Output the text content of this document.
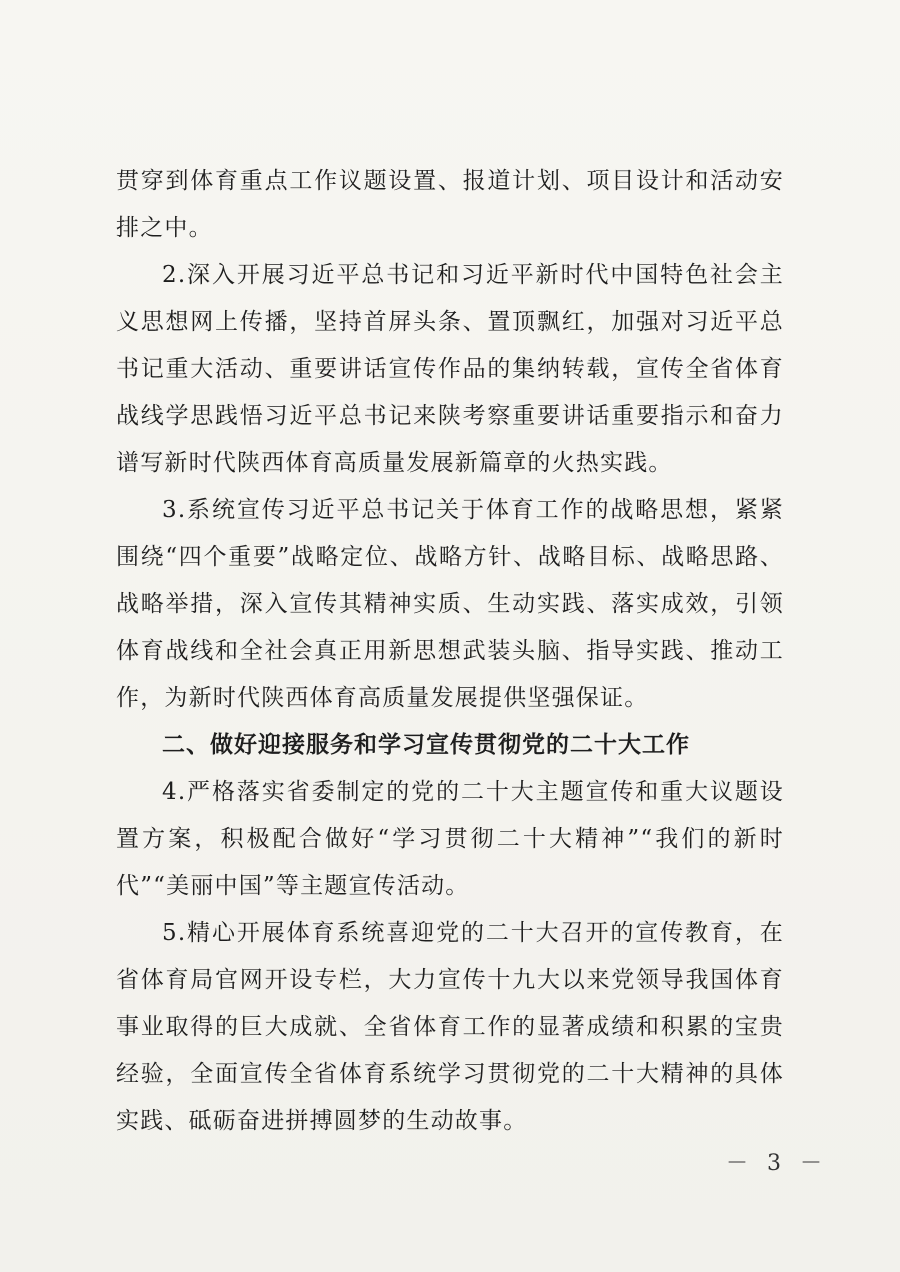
贯穿到体育重点工作议题设置、报道计划、项目设计和活动安排之中。

2.深入开展习近平总书记和习近平新时代中国特色社会主义思想网上传播，坚持首屏头条、置顶飘红，加强对习近平总书记重大活动、重要讲话宣传作品的集纳转载，宣传全省体育战线学思践悟习近平总书记来陕考察重要讲话重要指示和奋力谱写新时代陕西体育高质量发展新篇章的火热实践。

3.系统宣传习近平总书记关于体育工作的战略思想，紧紧围绕“四个重要”战略定位、战略方针、战略目标、战略思路、战略举措，深入宣传其精神实质、生动实践、落实成效，引领体育战线和全社会真正用新思想武装头脑、指导实践、推动工作，为新时代陕西体育高质量发展提供坚强保证。

二、做好迎接服务和学习宣传贯彻党的二十大工作

4.严格落实省委制定的党的二十大主题宣传和重大议题设置方案，积极配合做好“学习贯彻二十大精神”“我们的新时代”“美丽中国”等主题宣传活动。

5.精心开展体育系统喜迎党的二十大召开的宣传教育，在省体育局官网开设专栏，大力宣传十九大以来党领导我国体育事业取得的巨大成就、全省体育工作的显著成绩和积累的宝贵经验，全面宣传全省体育系统学习贯彻党的二十大精神的具体实践、砥砺奋进拼搏圆梦的生动故事。

－ 3 －
